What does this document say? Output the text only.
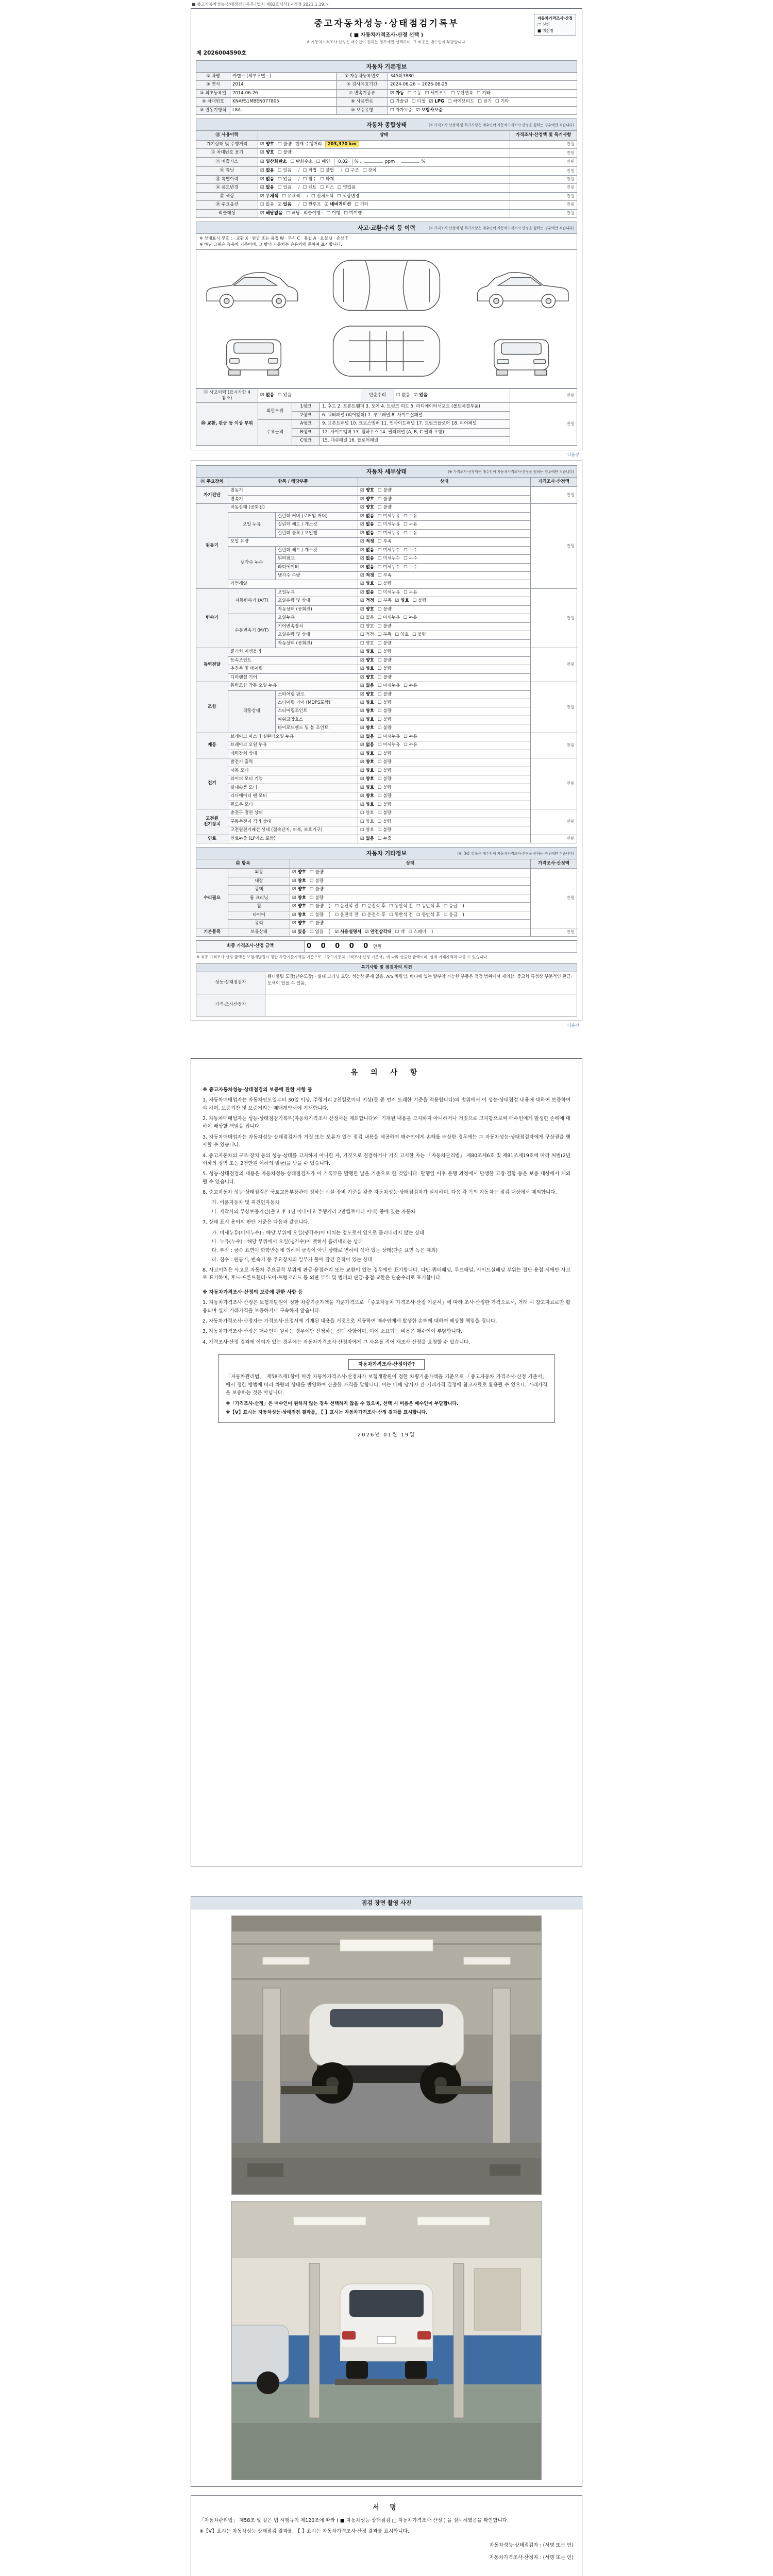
■ 중고자동차성능·상태점검기록부 [별지 제82호서식] <개정 2021.1.19.>
중고자동차성능·상태점검기록부
( ■ 자동차가격조사·산정 선택 )
※ 자동차가격조사·산정은 매수인이 원하는 경우에만 선택하며, 그 비용은 매수인이 부담합니다.
자동차가격조사·산정
□ 신청
■ 미신청
제 2026004590호
자동차 기본정보
① 차명	카렌스 (세부모델 : )	⑤ 자동차등록번호	345더3880
② 연식	2014	⑥ 검사유효기간	2024-06-26 ~ 2026-06-25
③ 최초등록일	2014-06-26	⑦ 변속기종류	☑ 자동 ☐ 수동 ☐ 세미오토 ☐ 무단변속 ☐ 기타
④ 차대번호	KNAFS1MBEN077805	⑧ 사용연료	☐ 가솔린 ☐ 디젤 ☑ LPG ☐ 하이브리드 ☐ 전기 ☐ 기타
⑨ 원동기형식	L8A	⑩ 보증유형	☐ 자가보증 ☑ 보험사보증
자동차 종합상태	(※ 가격조사·산정액 및 특기사항은 매수인이 자동차가격조사·산정을 원하는 경우에만 적습니다)
⑪ 사용이력	상태	가격조사·산정액 및 특기사항
계기상태 및 주행거리	☑ 양호 ☐ 불량 현재 주행거리 203,370 km	만원
⑫ 차대번호 표기	☑ 양호 ☐ 불량	만원
⑬ 배출가스	☑ 일산화탄소 ☐ 탄화수소 ☐ 매연 0.02 % , ppm , %	만원
⑭ 튜닝	☑ 없음 ☐ 있음 / ☐ 적법 ☐ 불법 / ☐ 구조 ☐ 장치	만원
⑮ 특별이력	☑ 없음 ☐ 있음 / ☐ 침수 ☐ 화재	만원
⑯ 용도변경	☑ 없음 ☐ 있음 / ☐ 렌트 ☐ 리스 ☐ 영업용	만원
⑰ 색상	☑ 무채색 ☐ 유채색 / ☐ 전체도색 ☐ 색상변경	만원
⑱ 주요옵션	☐ 없음 ☑ 있음 / ☐ 썬루프 ☑ 네비게이션 ☐ 기타	만원
리콜대상	☑ 해당없음 ☐ 해당 리콜이행 : ☐ 이행 ☐ 미이행	만원
사고·교환·수리 등 이력	(※ 가격조사·산정액 및 특기사항은 매수인이 자동차가격조사·산정을 원하는 경우에만 적습니다)
※ 상태표시 부호 : · 교환 X · 판금 또는 용접 W · 부식 C · 흠집 A · 요철 U · 손상 T
※ 하단 그림은 승용차 기준이며, 그 밖의 자동차는 승용차에 준하여 표시합니다.
⑲ 사고이력 (표시사항 4 참조)	☑ 없음 ☐ 있음	단순수리	☐ 없음 ☑ 있음	만원
⑳ 교환, 판금 등 이상 부위	외판부위	1랭크	1. 후드 2. 프론트휀더 3. 도어 4. 트렁크 리드 5. 라디에이터서포트 (볼트체결부품)	만원
		2랭크	6. 쿼터패널 (리어휀더) 7. 루프패널 8. 사이드실패널	
	주요골격	A랭크	9. 프론트패널 10. 크로스멤버 11. 인사이드패널 17. 트렁크플로어 18. 리어패널	
		B랭크	12. 사이드멤버 13. 휠하우스 14. 필러패널 (A, B, C 필러 포함)	
		C랭크	15. 대쉬패널 16. 플로어패널	
다음장
자동차 세부상태	(※ 가격조사·산정액은 매수인이 자동차가격조사·산정을 원하는 경우에만 적습니다)
㉑ 주요장치	항목 / 해당부품		상태	가격조사·산정액
자기진단	원동기		☑ 양호 ☐ 불량	만원
	변속기		☑ 양호 ☐ 불량	
원동기	작동상태 (공회전)		☑ 양호 ☐ 불량	만원
	오일 누유	실린더 커버 (로커암 커버)	☑ 없음 ☐ 미세누유 ☐ 누유	
		실린더 헤드 / 개스킷	☑ 없음 ☐ 미세누유 ☐ 누유	
		실린더 블록 / 오일팬	☑ 없음 ☐ 미세누유 ☐ 누유	
	오일 유량		☑ 적정 ☐ 부족	
	냉각수 누수	실린더 헤드 / 개스킷	☑ 없음 ☐ 미세누수 ☐ 누수	
		워터펌프	☑ 없음 ☐ 미세누수 ☐ 누수	
		라디에이터	☑ 없음 ☐ 미세누수 ☐ 누수	
		냉각수 수량	☑ 적정 ☐ 부족	
	커먼레일		☑ 양호 ☐ 불량	
변속기	자동변속기 (A/T)	오일누유	☑ 없음 ☐ 미세누유 ☐ 누유	만원
		오일유량 및 상태	☑ 적정 ☐ 부족 ☑ 양호 ☐ 불량	
		작동상태 (공회전)	☑ 양호 ☐ 불량	
	수동변속기 (M/T)	오일누유	☐ 없음 ☐ 미세누유 ☐ 누유	
		기어변속장치	☐ 양호 ☐ 불량	
		오일유량 및 상태	☐ 적정 ☐ 부족 ☐ 양호 ☐ 불량	
		작동상태 (공회전)	☐ 양호 ☐ 불량	
동력전달	클러치 어셈블리		☑ 양호 ☐ 불량	만원
	등속조인트		☑ 양호 ☐ 불량	
	추진축 및 베어링		☑ 양호 ☐ 불량	
	디퍼렌셜 기어		☑ 양호 ☐ 불량	
조향	동력조향 작동 오일 누유		☑ 없음 ☐ 미세누유 ☐ 누유	만원
	작동상태	스티어링 펌프	☑ 양호 ☐ 불량	
		스티어링 기어 (MDPS포함)	☑ 양호 ☐ 불량	
		스티어링조인트	☑ 양호 ☐ 불량	
		파워고압호스	☑ 양호 ☐ 불량	
		타이로드엔드 및 볼 조인트	☑ 양호 ☐ 불량	
제동	브레이크 마스터 실린더오일 누유		☑ 없음 ☐ 미세누유 ☐ 누유	만원
	브레이크 오일 누유		☑ 없음 ☐ 미세누유 ☐ 누유	
	배력장치 상태		☑ 양호 ☐ 불량	
전기	발전기 출력		☑ 양호 ☐ 불량	만원
	시동 모터		☑ 양호 ☐ 불량	
	와이퍼 모터 기능		☑ 양호 ☐ 불량	
	실내송풍 모터		☑ 양호 ☐ 불량	
	라디에이터 팬 모터		☑ 양호 ☐ 불량	
	윈도우 모터		☑ 양호 ☐ 불량	
고전원 전기장치	충전구 절연 상태		☐ 양호 ☐ 불량	만원
	구동축전지 격리 상태		☐ 양호 ☐ 불량	
	고전원전기배선 상태 (접속단자, 피복, 보호기구)		☐ 양호 ☐ 불량	
연료	연료누출 (LP가스 포함)		☑ 없음 ☐ 누출	만원
자동차 기타정보	(※【N】항목은 매수인이 자동차가격조사·산정을 원하는 경우에만 적습니다)
㉒ 항목		상태	가격조사·산정액
수리필요	외장	☑ 양호 ☐ 불량	만원
	내장	☑ 양호 ☐ 불량	
	광택	☑ 양호 ☐ 불량	
	룸 크리닝	☑ 양호 ☐ 불량	
	휠	☑ 양호 ☐ 불량 ( ☐ 운전석 전 ☐ 운전석 후 ☐ 동반석 전 ☐ 동반석 후 ☐ 응급 )	
	타이어	☑ 양호 ☐ 불량 ( ☐ 운전석 전 ☐ 운전석 후 ☐ 동반석 전 ☐ 동반석 후 ☐ 응급 )	
	유리	☑ 양호 ☐ 불량	
기본품목	보유상태	☑ 있음 ☐ 없음 ( ☑ 사용설명서 ☑ 안전삼각대 ☐ 잭 ☐ 스패너 )	만원
최종 가격조사·산정 금액	0 0 0 0 0 만원
※ 최종 가격조사·산정 금액은 보험개발원이 정한 차량기준가액을 기준으로 「중고자동차 가격조사·산정 기준서」에 따라 산출한 금액이며, 실제 거래가격과 다를 수 있습니다.
특기사항 및 점검자의 의견	
성능·상태점검자	휀더클립 도장(단순도장) · 실내 크리닝 요망. 성능상 문제 없음. A/S 차량임. 바디에 있는 탈부착 가능한 부품은 점검 범위에서 제외함. 중고차 특성상 부분적인 판금·도색이 있을 수 있음.
가격·조사산정자	
다음장
유 의 사 항
※ 중고자동차성능·상태점검의 보증에 관한 사항 등
1. 자동차매매업자는 자동차인도일부터 30일 이상, 주행거리 2천킬로미터 이상(둘 중 먼저 도래한 기준을 적용합니다)의 범위에서 이 성능·상태점검 내용에 대하여 보증하여야 하며, 보증기간 및 보증거리는 매매계약서에 기재합니다.
2. 자동차매매업자는 성능·상태점검기록부(자동차가격조사·산정서는 제외합니다)에 기재된 내용을 고지하지 아니하거나 거짓으로 고지함으로써 매수인에게 발생한 손해에 대하여 배상할 책임을 집니다.
3. 자동차매매업자는 자동차성능·상태점검자가 거짓 또는 오류가 있는 점검 내용을 제공하여 매수인에게 손해를 배상한 경우에는 그 자동차성능·상태점검자에게 구상권을 행사할 수 있습니다.
4. 중고자동차의 구조·장치 등의 성능·상태를 고지하지 아니한 자, 거짓으로 점검하거나 거짓 고지한 자는 「자동차관리법」 제80조제6호 및 제81조제19호에 따라 처벌(2년 이하의 징역 또는 2천만원 이하의 벌금)을 받을 수 있습니다.
5. 성능·상태점검의 내용은 자동차성능·상태점검자가 이 기록부를 발행한 날을 기준으로 한 것입니다. 발행일 이후 운행 과정에서 발생한 고장·결함 등은 보증 대상에서 제외될 수 있습니다.
6. 중고자동차 성능·상태점검은 국토교통부장관이 정하는 시설·장비 기준을 갖춘 자동차성능·상태점검자가 실시하며, 다음 각 목의 자동차는 점검 대상에서 제외합니다.
가. 이륜자동차 및 피견인자동차
나. 제작사의 무상보증기간(출고 후 1년 이내이고 주행거리 2만킬로미터 이내) 중에 있는 자동차
7. 상태 표시 용어의 판단 기준은 다음과 같습니다.
가. 미세누유(미세누수) : 해당 부위에 오일(냉각수)이 비치는 정도로서 옆으로 흘러내리지 않는 상태
나. 누유(누수) : 해당 부위에서 오일(냉각수)이 맺혀서 흘러내리는 상태
다. 부식 : 금속 표면이 화학반응에 의하여 금속이 아닌 상태로 변하여 삭아 있는 상태(단순 표면 녹은 제외)
라. 침수 : 원동기, 변속기 등 주요장치의 일부가 물에 잠긴 흔적이 있는 상태
8. 사고이력은 사고로 자동차 주요골격 부위에 판금·용접수리 또는 교환이 있는 경우에만 표기합니다. 다만 쿼터패널, 루프패널, 사이드실패널 부위는 절단·용접 시에만 사고로 표기하며, 후드·프론트휀더·도어·트렁크리드 등 외판 부위 및 범퍼의 판금·용접·교환은 단순수리로 표기합니다.
※ 자동차가격조사·산정의 보증에 관한 사항 등
1. 자동차가격조사·산정은 보험개발원이 정한 차량기준가액을 기준가격으로 「중고자동차 가격조사·산정 기준서」에 따라 조사·산정한 가격으로서, 거래 시 참고자료로만 활용되며 실제 거래가격을 보증하거나 구속하지 않습니다.
2. 자동차가격조사·산정자는 가격조사·산정서에 기재된 내용을 거짓으로 제공하여 매수인에게 발생한 손해에 대하여 배상할 책임을 집니다.
3. 자동차가격조사·산정은 매수인이 원하는 경우에만 신청하는 선택 사항이며, 이에 소요되는 비용은 매수인이 부담합니다.
4. 가격조사·산정 결과에 이의가 있는 경우에는 자동차가격조사·산정자에게 그 사유를 적어 재조사·산정을 요청할 수 있습니다.
자동차가격조사·산정이란?

「자동차관리법」 제58조제1항에 따라 자동차가격조사·산정자가 보험개발원이 정한 차량기준가액을 기준으로 「중고자동차 가격조사·산정 기준서」에서 정한 방법에 따라 차량의 상태를 반영하여 산출한 가격을 말합니다. 이는 매매 당사자 간 거래가격 결정에 참고자료로 활용될 수 있으나, 거래가격을 보증하는 것은 아닙니다.

※「가격조사·산정」은 매수인이 원하지 않는 경우 선택하지 않을 수 있으며, 선택 시 비용은 매수인이 부담합니다.
※【V】표시는 자동차성능·상태점검 결과를, 【 】표시는 자동차가격조사·산정 결과를 표시합니다.
2026년 01월 19일
점검 장면 촬영 사진
서 명

「자동차관리법」 제58조 및 같은 법 시행규칙 제120조에 따라 ( ■ 자동차성능·상태점검 □ 자동차가격조사·산정 ) 을 실시하였음을 확인합니다.

※【V】표시는 자동차성능·상태점검 결과를, 【 】표시는 자동차가격조사·산정 결과를 표시합니다.

자동차성능·상태점검자 : (서명 또는 인)
자동차가격조사·산정자 : (서명 또는 인)
